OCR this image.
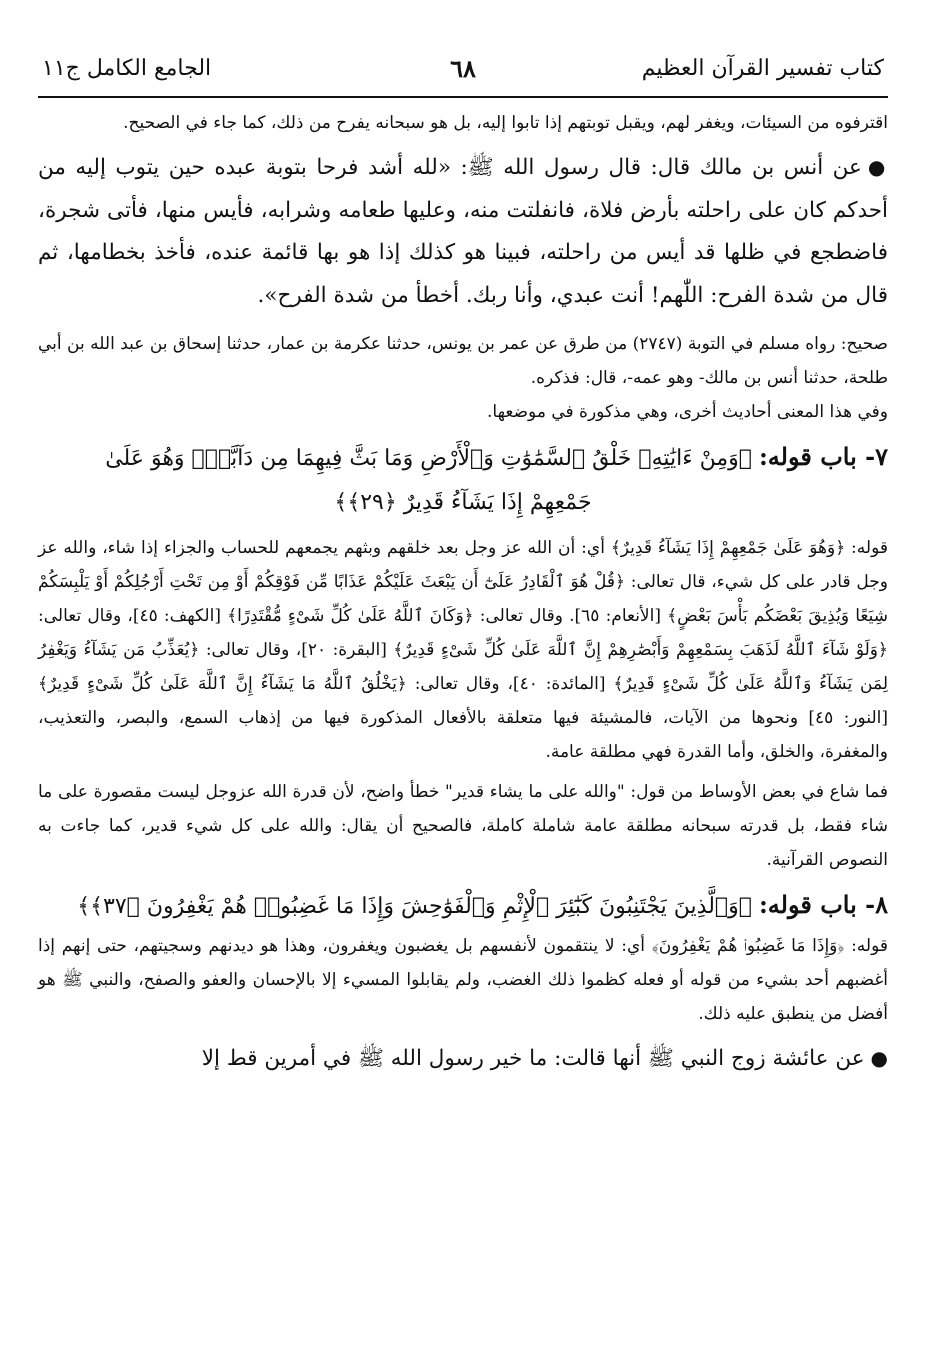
كتاب تفسير القرآن العظيم
٦٨
الجامع الكامل ج١١

اقترفوه من السيئات، ويغفر لهم، ويقبل توبتهم إذا تابوا إليه، بل هو سبحانه يفرح من ذلك، كما جاء في الصحيح.

●عن أنس بن مالك قال: قال رسول الله ﷺ: «لله أشد فرحا بتوبة عبده حين يتوب إليه من أحدكم كان على راحلته بأرض فلاة، فانفلتت منه، وعليها طعامه وشرابه، فأيس منها، فأتى شجرة، فاضطجع في ظلها قد أيس من راحلته، فبينا هو كذلك إذا هو بها قائمة عنده، فأخذ بخطامها، ثم قال من شدة الفرح: اللّٰهم! أنت عبدي، وأنا ربك. أخطأ من شدة الفرح».

صحيح: رواه مسلم في التوبة (٢٧٤٧) من طرق عن عمر بن يونس، حدثنا عكرمة بن عمار، حدثنا إسحاق بن عبد الله بن أبي طلحة، حدثنا أنس بن مالك- وهو عمه-، قال: فذكره.

وفي هذا المعنى أحاديث أخرى، وهي مذكورة في موضعها.

٧- باب قوله: ﴿وَمِنْ ءَايَٰتِهِۦ خَلْقُ ٱلسَّمَٰوَٰتِ وَٱلْأَرْضِ وَمَا بَثَّ فِيهِمَا مِن دَآبَّةٍۚ وَهُوَ عَلَىٰ
جَمْعِهِمْ إِذَا يَشَآءُ قَدِيرٌ ﴿٢٩﴾﴾

قوله: ﴿وَهُوَ عَلَىٰ جَمْعِهِمْ إِذَا يَشَآءُ قَدِيرٌ﴾ أي: أن الله عز وجل بعد خلقهم وبثهم يجمعهم للحساب والجزاء إذا شاء، والله عز وجل قادر على كل شيء، قال تعالى: ﴿قُلْ هُوَ ٱلْقَادِرُ عَلَىٰٓ أَن يَبْعَثَ عَلَيْكُمْ عَذَابًا مِّن فَوْقِكُمْ أَوْ مِن تَحْتِ أَرْجُلِكُمْ أَوْ يَلْبِسَكُمْ شِيَعًا وَيُذِيقَ بَعْضَكُم بَأْسَ بَعْضٍ﴾ [الأنعام: ٦٥]. وقال تعالى: ﴿وَكَانَ ٱللَّهُ عَلَىٰ كُلِّ شَىْءٍ مُّقْتَدِرًا﴾ [الكهف: ٤٥]، وقال تعالى: ﴿وَلَوْ شَآءَ ٱللَّهُ لَذَهَبَ بِسَمْعِهِمْ وَأَبْصَٰرِهِمْ إِنَّ ٱللَّهَ عَلَىٰ كُلِّ شَىْءٍ قَدِيرٌ﴾ [البقرة: ٢٠]، وقال تعالى: ﴿يُعَذِّبُ مَن يَشَآءُ وَيَغْفِرُ لِمَن يَشَآءُ وَٱللَّهُ عَلَىٰ كُلِّ شَىْءٍ قَدِيرٌ﴾ [المائدة: ٤٠]، وقال تعالى: ﴿يَخْلُقُ ٱللَّهُ مَا يَشَآءُ إِنَّ ٱللَّهَ عَلَىٰ كُلِّ شَىْءٍ قَدِيرٌ﴾ [النور: ٤٥] ونحوها من الآيات، فالمشيئة فيها متعلقة بالأفعال المذكورة فيها من إذهاب السمع، والبصر، والتعذيب، والمغفرة، والخلق، وأما القدرة فهي مطلقة عامة.

فما شاع في بعض الأوساط من قول: "والله على ما يشاء قدير" خطأ واضح، لأن قدرة الله عزوجل ليست مقصورة على ما شاء فقط، بل قدرته سبحانه مطلقة عامة شاملة كاملة، فالصحيح أن يقال: والله على كل شيء قدير، كما جاءت به النصوص القرآنية.

٨- باب قوله: ﴿وَٱلَّذِينَ يَجْتَنِبُونَ كَبَٰٓئِرَ ٱلْإِثْمِ وَٱلْفَوَٰحِشَ وَإِذَا مَا غَضِبُوا۟ هُمْ يَغْفِرُونَ ﴿٣٧﴾﴾

قوله: ﴿وَإِذَا مَا غَضِبُوا۟ هُمْ يَغْفِرُونَ﴾ أي: لا ينتقمون لأنفسهم بل يغضبون ويغفرون، وهذا هو ديدنهم وسجيتهم، حتى إنهم إذا أغضبهم أحد بشيء من قوله أو فعله كظموا ذلك الغضب، ولم يقابلوا المسيء إلا بالإحسان والعفو والصفح، والنبي ﷺ هو أفضل من ينطبق عليه ذلك.

●عن عائشة زوج النبي ﷺ أنها قالت: ما خير رسول الله ﷺ في أمرين قط إلا
